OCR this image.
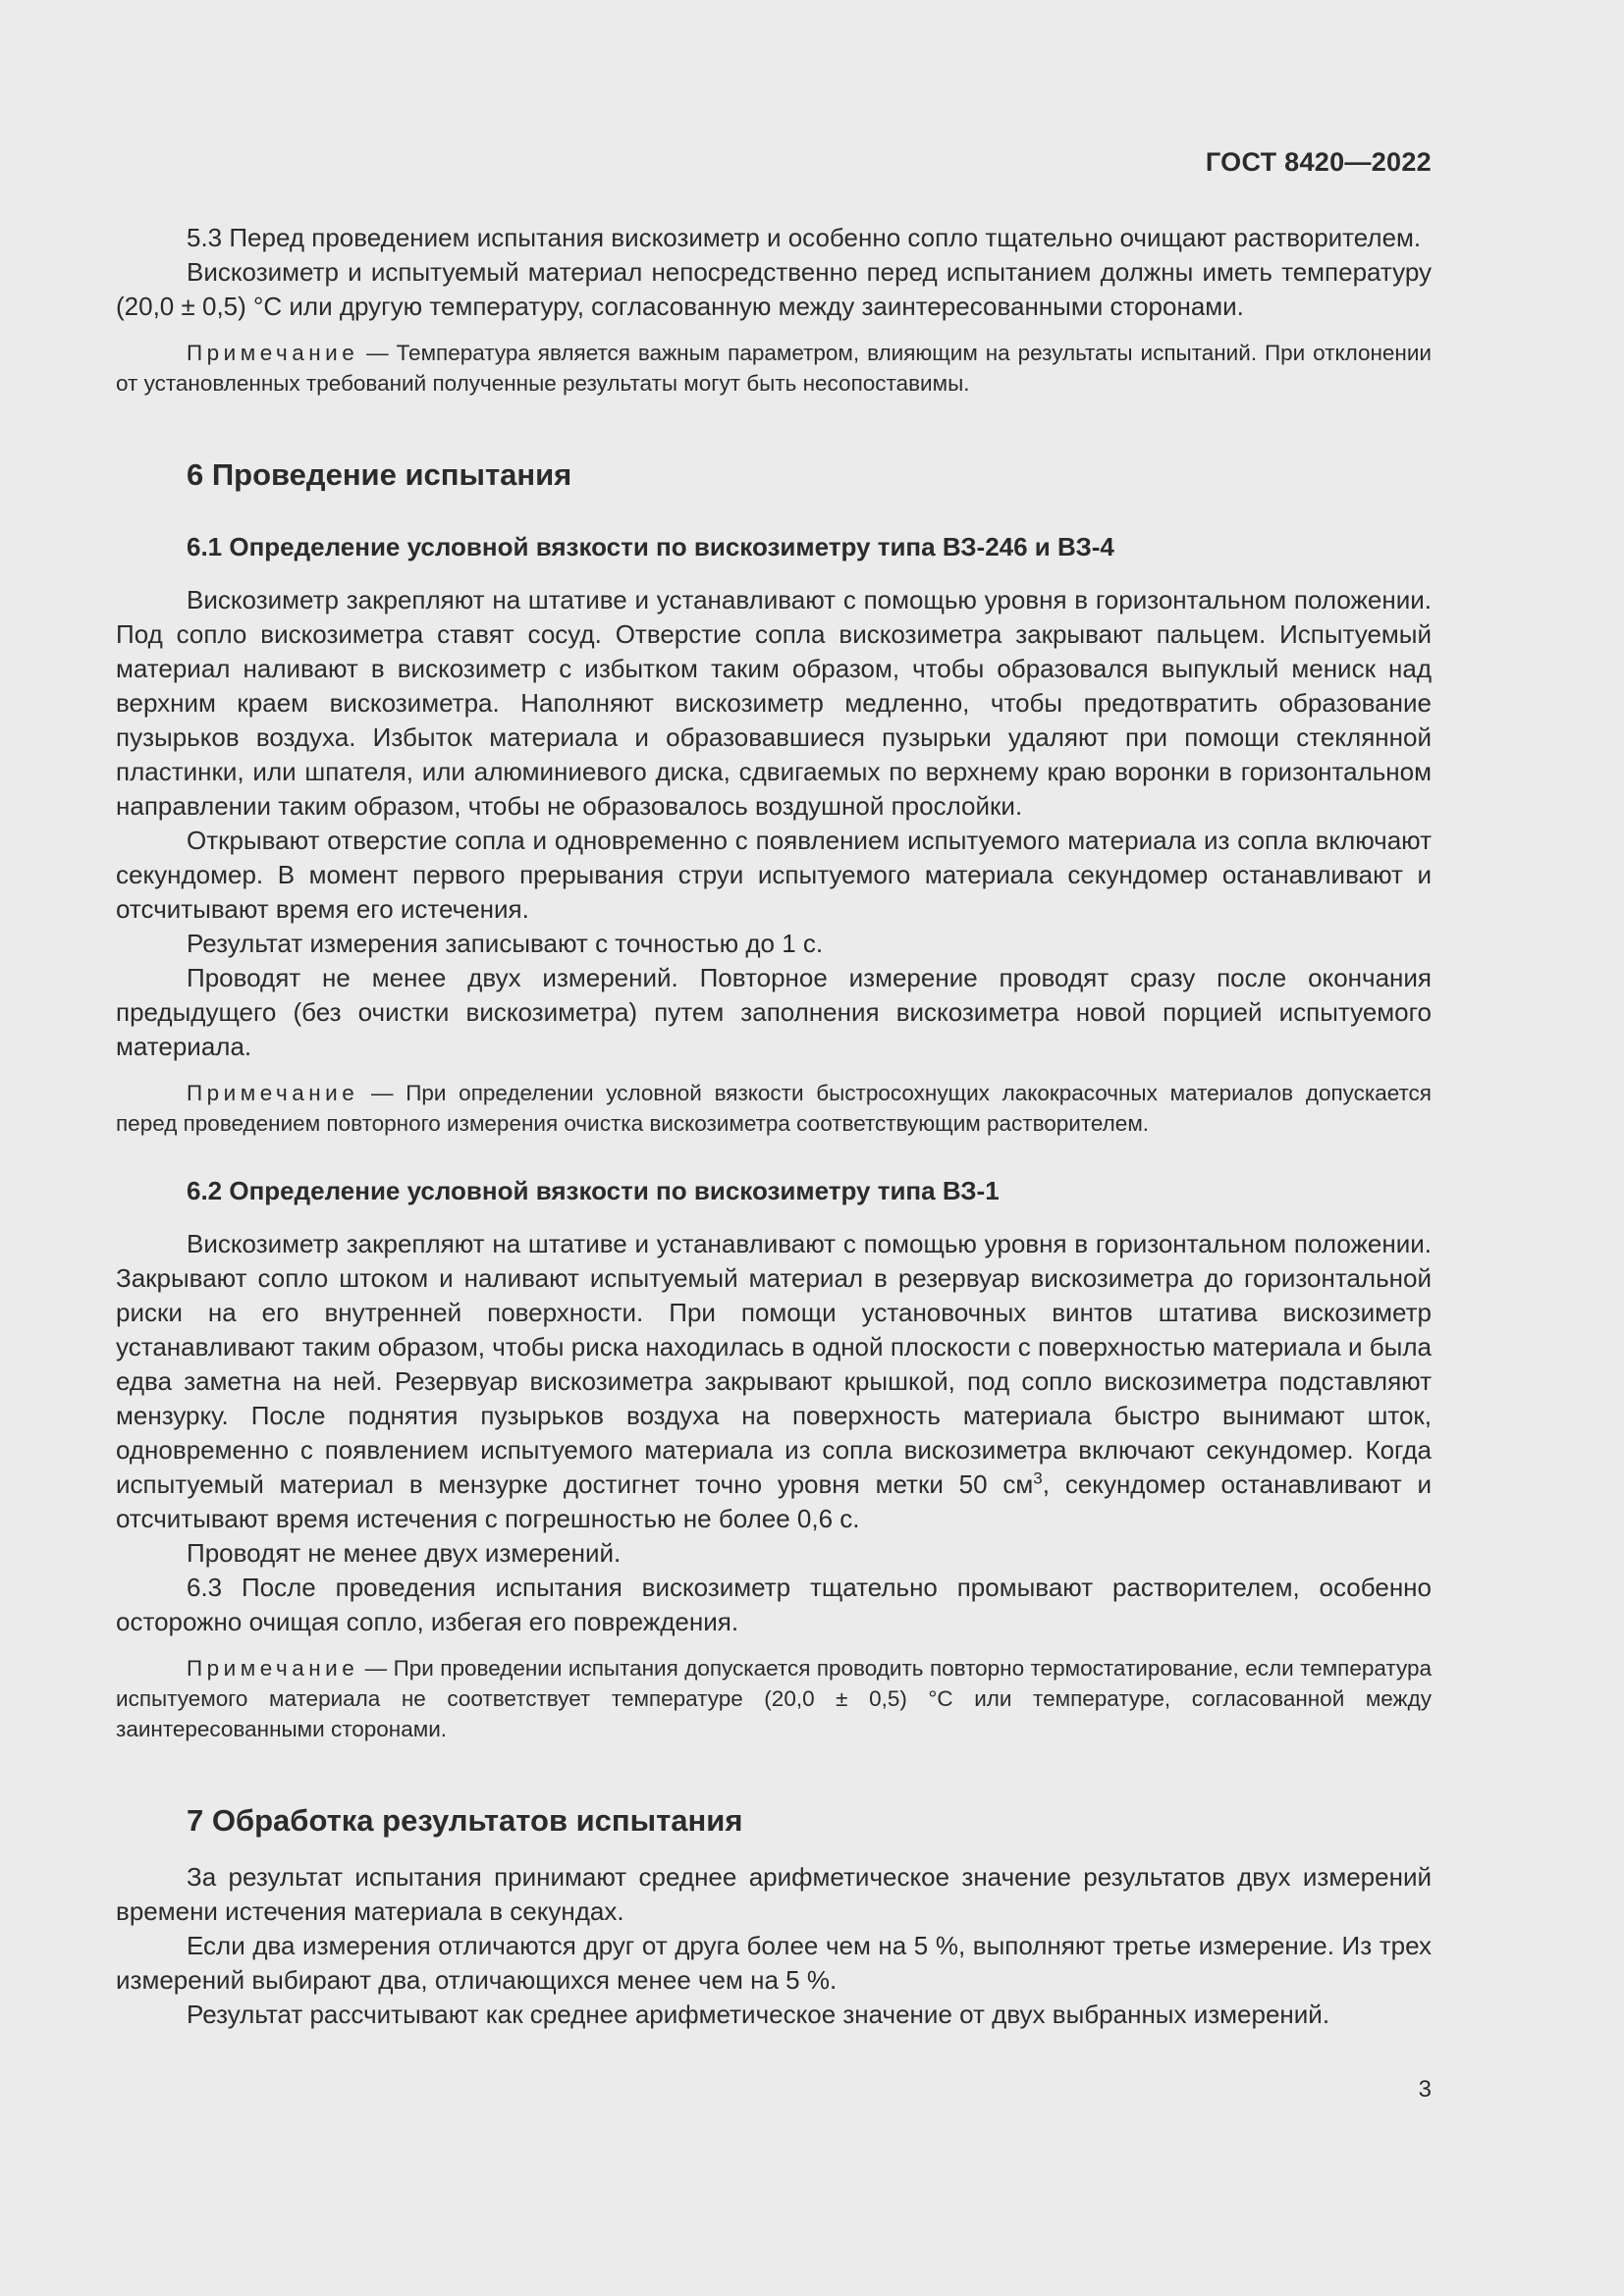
ГОСТ 8420—2022

5.3 Перед проведением испытания вискозиметр и особенно сопло тщательно очищают растворителем.

Вискозиметр и испытуемый материал непосредственно перед испытанием должны иметь температуру (20,0 ± 0,5) °C или другую температуру, согласованную между заинтересованными сторонами.

Примечание — Температура является важным параметром, влияющим на результаты испытаний. При отклонении от установленных требований полученные результаты могут быть несопоставимы.

6 Проведение испытания
6.1 Определение условной вязкости по вискозиметру типа ВЗ-246 и ВЗ-4

Вискозиметр закрепляют на штативе и устанавливают с помощью уровня в горизонтальном положении. Под сопло вискозиметра ставят сосуд. Отверстие сопла вискозиметра закрывают пальцем. Испытуемый материал наливают в вискозиметр с избытком таким образом, чтобы образовался выпуклый мениск над верхним краем вискозиметра. Наполняют вискозиметр медленно, чтобы предотвратить образование пузырьков воздуха. Избыток материала и образовавшиеся пузырьки удаляют при помощи стеклянной пластинки, или шпателя, или алюминиевого диска, сдвигаемых по верхнему краю воронки в горизонтальном направлении таким образом, чтобы не образовалось воздушной прослойки.

Открывают отверстие сопла и одновременно с появлением испытуемого материала из сопла включают секундомер. В момент первого прерывания струи испытуемого материала секундомер останавливают и отсчитывают время его истечения.

Результат измерения записывают с точностью до 1 с.

Проводят не менее двух измерений. Повторное измерение проводят сразу после окончания предыдущего (без очистки вискозиметра) путем заполнения вискозиметра новой порцией испытуемого материала.

Примечание — При определении условной вязкости быстросохнущих лакокрасочных материалов допускается перед проведением повторного измерения очистка вискозиметра соответствующим растворителем.

6.2 Определение условной вязкости по вискозиметру типа ВЗ-1

Вискозиметр закрепляют на штативе и устанавливают с помощью уровня в горизонтальном положении. Закрывают сопло штоком и наливают испытуемый материал в резервуар вискозиметра до горизонтальной риски на его внутренней поверхности. При помощи установочных винтов штатива вискозиметр устанавливают таким образом, чтобы риска находилась в одной плоскости с поверхностью материала и была едва заметна на ней. Резервуар вискозиметра закрывают крышкой, под сопло вискозиметра подставляют мензурку. После поднятия пузырьков воздуха на поверхность материала быстро вынимают шток, одновременно с появлением испытуемого материала из сопла вискозиметра включают секундомер. Когда испытуемый материал в мензурке достигнет точно уровня метки 50 $см^3$, секундомер останавливают и отсчитывают время истечения с погрешностью не более 0,6 с.

Проводят не менее двух измерений.

6.3 После проведения испытания вискозиметр тщательно промывают растворителем, особенно осторожно очищая сопло, избегая его повреждения.

Примечание — При проведении испытания допускается проводить повторно термостатирование, если температура испытуемого материала не соответствует температуре (20,0 ± 0,5) °C или температуре, согласованной между заинтересованными сторонами.

7 Обработка результатов испытания

За результат испытания принимают среднее арифметическое значение результатов двух измерений времени истечения материала в секундах.

Если два измерения отличаются друг от друга более чем на 5 %, выполняют третье измерение. Из трех измерений выбирают два, отличающихся менее чем на 5 %.

Результат рассчитывают как среднее арифметическое значение от двух выбранных измерений.

3
